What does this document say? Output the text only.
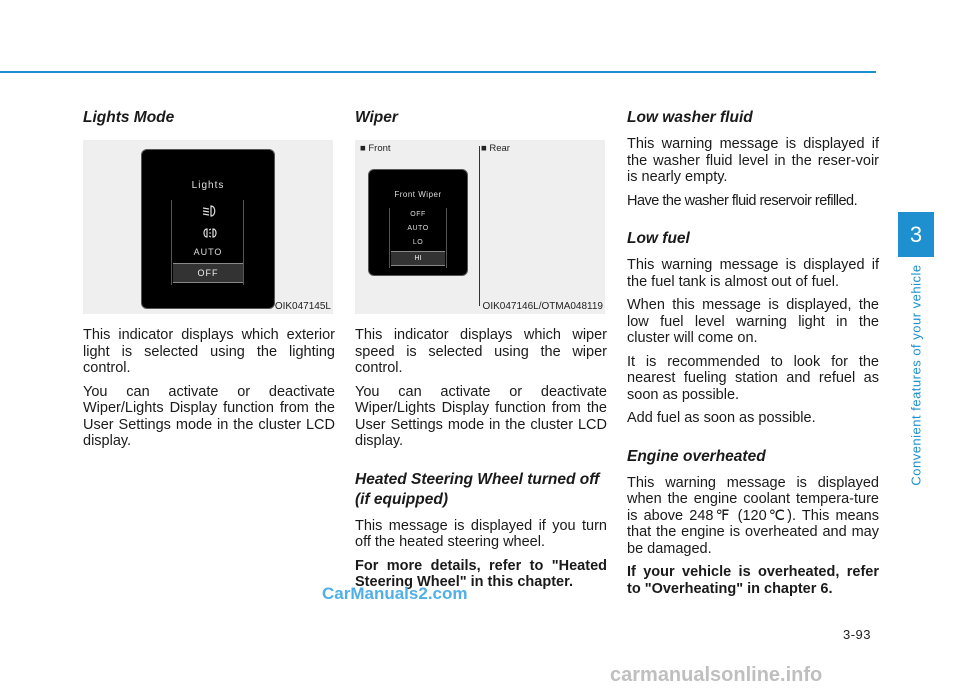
Lights Mode
Lights
AUTO
OFF
OIK047145L

This indicator displays which exterior light is selected using the lighting control.

You can activate or deactivate Wiper/Lights Display function from the User Settings mode in the cluster LCD display.

Wiper
■ Front	■ Rear
Front Wiper
OFF
AUTO
LO
HI
OIK047146L/OTMA048119

This indicator displays which wiper speed is selected using the wiper control.

You can activate or deactivate Wiper/Lights Display function from the User Settings mode in the cluster LCD display.

Heated Steering Wheel turned off (if equipped)

This message is displayed if you turn off the heated steering wheel.

For more details, refer to "Heated Steering Wheel" in this chapter.

Low washer fluid

This warning message is displayed if the washer fluid level in the reser-voir is nearly empty.

Have the washer fluid reservoir refilled.

Low fuel

This warning message is displayed if the fuel tank is almost out of fuel.

When this message is displayed, the low fuel level warning light in the cluster will come on.

It is recommended to look for the nearest fueling station and refuel as soon as possible.

Add fuel as soon as possible.

Engine overheated

This warning message is displayed when the engine coolant tempera-ture is above 248℉ (120℃). This means that the engine is overheated and may be damaged.

If your vehicle is overheated, refer to "Overheating" in chapter 6.

3
Convenient features of your vehicle
3-93
CarManuals2.com
carmanualsonline.info
